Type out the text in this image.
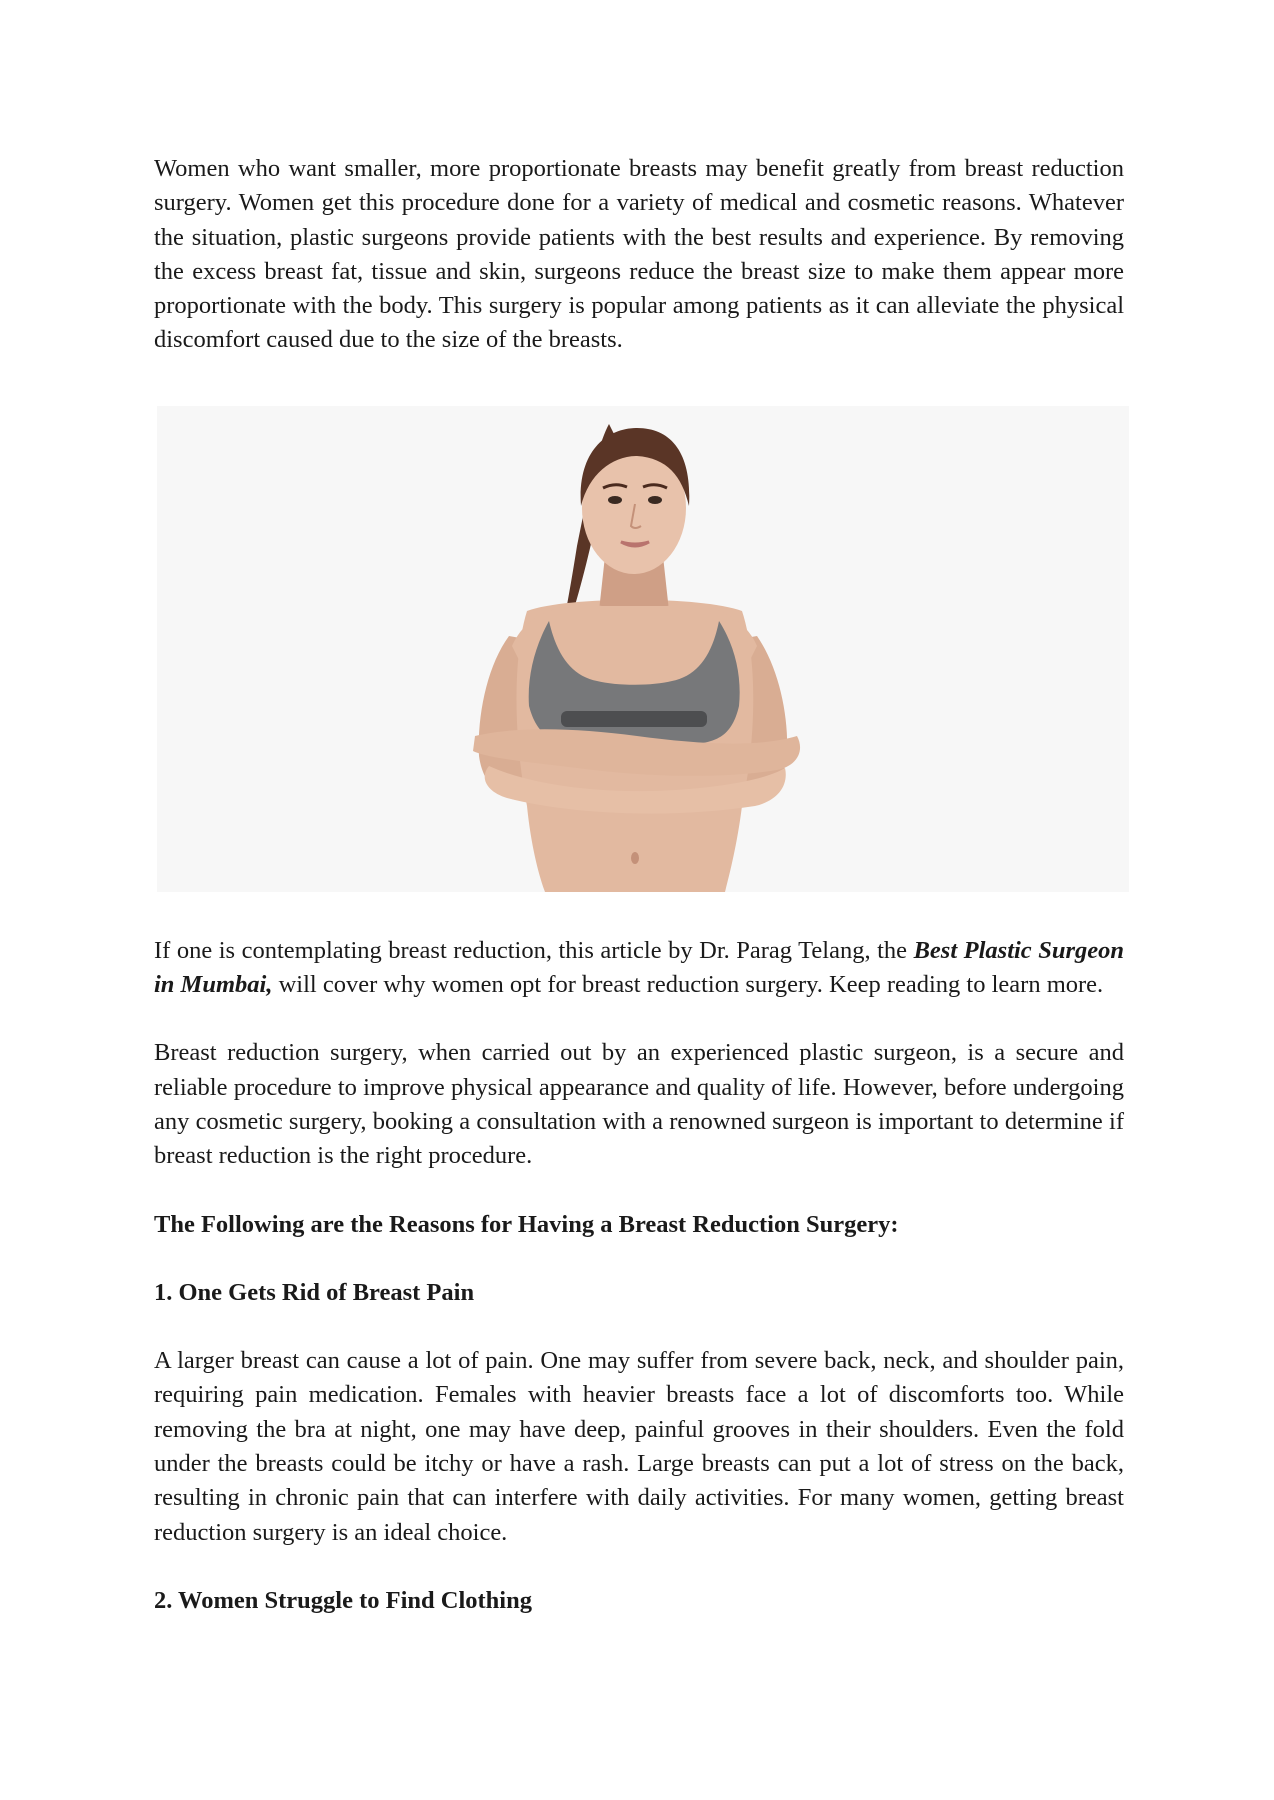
Women who want smaller, more proportionate breasts may benefit greatly from breast reduction surgery. Women get this procedure done for a variety of medical and cosmetic reasons. Whatever the situation, plastic surgeons provide patients with the best results and experience. By removing the excess breast fat, tissue and skin, surgeons reduce the breast size to make them appear more proportionate with the body. This surgery is popular among patients as it can alleviate the physical discomfort caused due to the size of the breasts.

If one is contemplating breast reduction, this article by Dr. Parag Telang, the Best Plastic Surgeon in Mumbai, will cover why women opt for breast reduction surgery. Keep reading to learn more.

Breast reduction surgery, when carried out by an experienced plastic surgeon, is a secure and reliable procedure to improve physical appearance and quality of life. However, before undergoing any cosmetic surgery, booking a consultation with a renowned surgeon is important to determine if breast reduction is the right procedure.

The Following are the Reasons for Having a Breast Reduction Surgery:
1. One Gets Rid of Breast Pain

A larger breast can cause a lot of pain. One may suffer from severe back, neck, and shoulder pain, requiring pain medication. Females with heavier breasts face a lot of discomforts too. While removing the bra at night, one may have deep, painful grooves in their shoulders. Even the fold under the breasts could be itchy or have a rash. Large breasts can put a lot of stress on the back, resulting in chronic pain that can interfere with daily activities. For many women, getting breast reduction surgery is an ideal choice.

2. Women Struggle to Find Clothing
